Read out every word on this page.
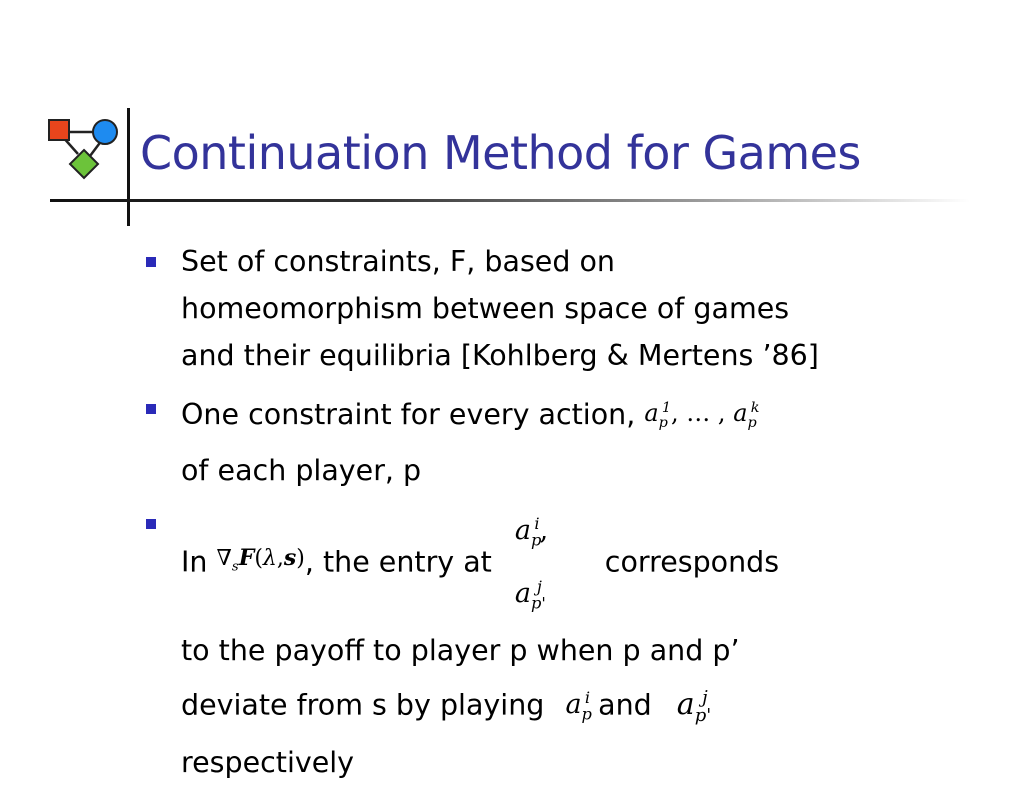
Continuation Method for Games
Set of constraints, F, based on
homeomorphism between space of games
and their equilibria [Kohlberg & Mertens ’86]
One constraint for every action, $a_p^1$, … , $a_p^k$
of each player, p
In $\nabla_sF(\lambda,s)$, the entry at $a_p^i$, $a_{p'}^j$ corresponds
to the payoff to player p when p and p’
deviate from s by playing $a_p^i$ and $a_{p'}^j$
respectively
